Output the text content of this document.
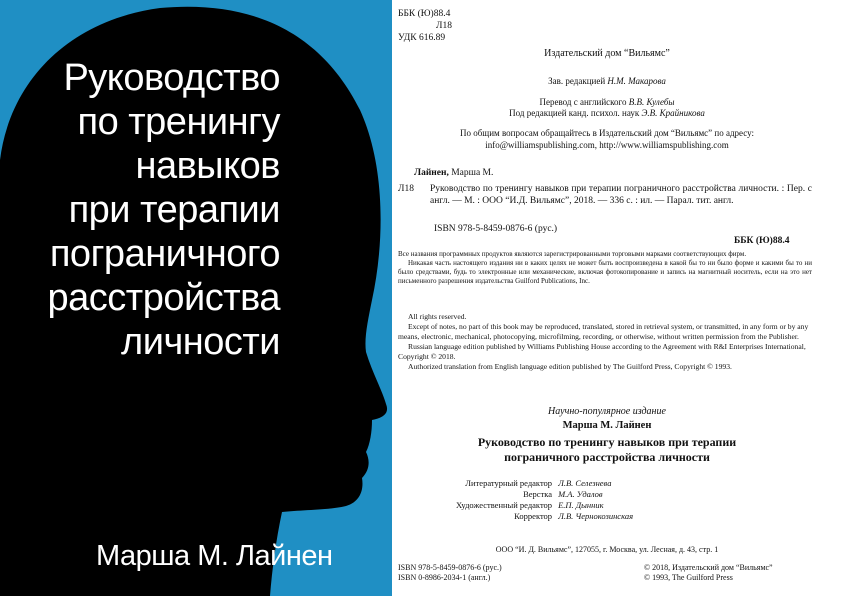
Руководство
по тренингу
навыков
при терапии
пограничного
расстройства
личности
Марша М. Лайнен
ББК (Ю)88.4
Л18
УДК 616.89
Издательский дом “Вильямс”
Зав. редакцией Н.М. Макарова
Перевод с английского В.В. Кулебы
Под редакцией канд. психол. наук Э.В. Крайникова
По общим вопросам обращайтесь в Издательский дом “Вильямс” по адресу:
info@williamspublishing.com, http://www.williamspublishing.com
Лайнен, Марша М.
Л18	Руководство по тренингу навыков при терапии пограничного расстройства личности. : Пер. с англ. — М. : ООО “И.Д. Вильямс”, 2018. — 336 с. : ил. — Парал. тит. англ.
ISBN 978-5-8459-0876-6 (рус.)
ББК (Ю)88.4

Все названия программных продуктов являются зарегистрированными торговыми марками соответствующих фирм.

Никакая часть настоящего издания ни в каких целях не может быть воспроизведена в какой бы то ни было форме и какими бы то ни было средствами, будь то электронные или механические, включая фотокопирование и запись на магнитный носитель, если на это нет письменного разрешения издательства Guilford Publications, Inc.

All rights reserved.

Except of notes, no part of this book may be reproduced, translated, stored in retrieval system, or transmitted, in any form or by any means, electronic, mechanical, photocopying, microfilming, recording, or otherwise, without written permission from the Publisher.

Russian language edition published by Williams Publishing House according to the Agreement with R&I Enterprises International, Copyright © 2018.

Authorized translation from English language edition published by The Guilford Press, Copyright © 1993.

Научно-популярное издание
Марша М. Лайнен
Руководство по тренингу навыков при терапии
пограничного расстройства личности
Литературный редактор	Л.В. Селезнева
Верстка	М.А. Удалов
Художественный редактор	Е.П. Дынник
Корректор	Л.В. Чернокозинская
ООО “И. Д. Вильямс”, 127055, г. Москва, ул. Лесная, д. 43, стр. 1
ISBN 978-5-8459-0876-6 (рус.)
ISBN 0-8986-2034-1 (англ.)
© 2018, Издательский дом “Вильямс”
© 1993, The Guilford Press
